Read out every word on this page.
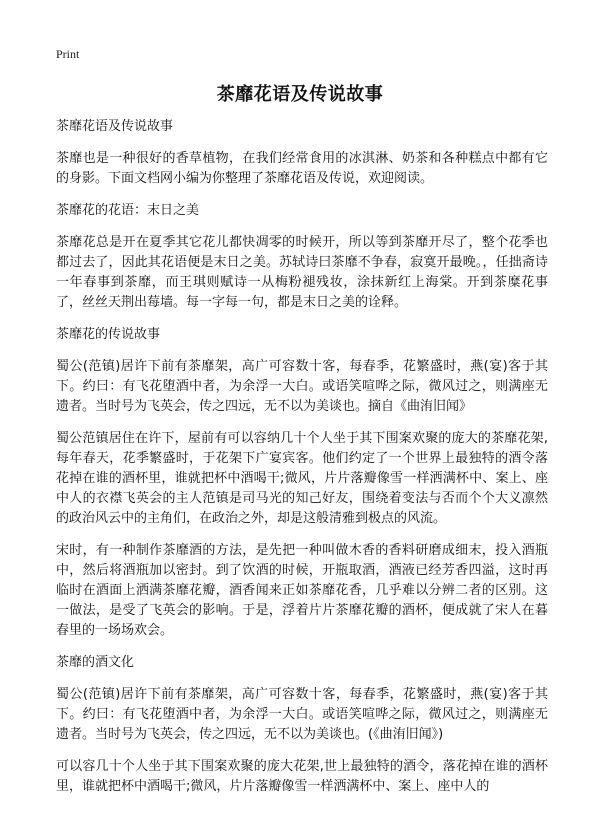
Print
茶靡花语及传说故事

茶靡花语及传说故事

茶靡也是一种很好的香草植物，在我们经常食用的冰淇淋、奶茶和各种糕点中都有它的身影。下面文档网小编为你整理了茶靡花语及传说，欢迎阅读。

茶靡花的花语：末日之美

茶靡花总是开在夏季其它花儿都快凋零的时候开，所以等到茶靡开尽了，整个花季也都过去了，因此其花语便是末日之美。苏轼诗曰茶靡不争春，寂寞开最晚。，任拙斋诗一年春事到茶靡，而王琪则赋诗一从梅粉褪残妆，涂抹新红上海棠。开到茶糜花事了，丝丝天荆出莓墙。每一字每一句，都是末日之美的诠释。

茶靡花的传说故事

蜀公(范镇)居许下前有茶靡架，高广可容数十客，每春季，花繁盛时，燕(宴)客于其下。约曰：有飞花堕酒中者，为余浮一大白。或语笑喧哗之际，微风过之，则满座无遗者。当时号为飞英会，传之四远，无不以为美谈也。摘自《曲洧旧闻》

蜀公范镇居住在许下，屋前有可以容纳几十个人坐于其下围案欢聚的庞大的茶靡花架,每年春天，花季繁盛时，于花架下广宴宾客。他们约定了一个世界上最独特的酒令落花掉在谁的酒杯里，谁就把杯中酒喝干;微风，片片落瓣像雪一样洒满杯中、案上、座中人的衣襟飞英会的主人范镇是司马光的知己好友，围绕着变法与否而个个大义凛然的政治风云中的主角们，在政治之外，却是这般清雅到极点的风流。

宋时，有一种制作茶靡酒的方法，是先把一种叫做木香的香料研磨成细末，投入酒瓶中，然后将酒瓶加以密封。到了饮酒的时候，开瓶取酒，酒液已经芳香四溢，这时再临时在酒面上洒满茶靡花瓣，酒香闻来正如茶靡花香，几乎难以分辨二者的区别。这一做法，是受了飞英会的影响。于是，浮着片片茶靡花瓣的酒杯，便成就了宋人在暮春里的一场场欢会。

茶靡的酒文化

蜀公(范镇)居许下前有茶靡架，高广可容数十客，每春季，花繁盛时，燕(宴)客于其下。约曰：有飞花堕酒中者，为余浮一大白。或语笑喧哗之际，微风过之，则满座无遗者。当时号为飞英会，传之四远，无不以为美谈也。(《曲洧旧闻》)

可以容几十个人坐于其下围案欢聚的庞大花架,世上最独特的酒令，落花掉在谁的酒杯里，谁就把杯中酒喝干;微风，片片落瓣像雪一样洒满杯中、案上、座中人的
